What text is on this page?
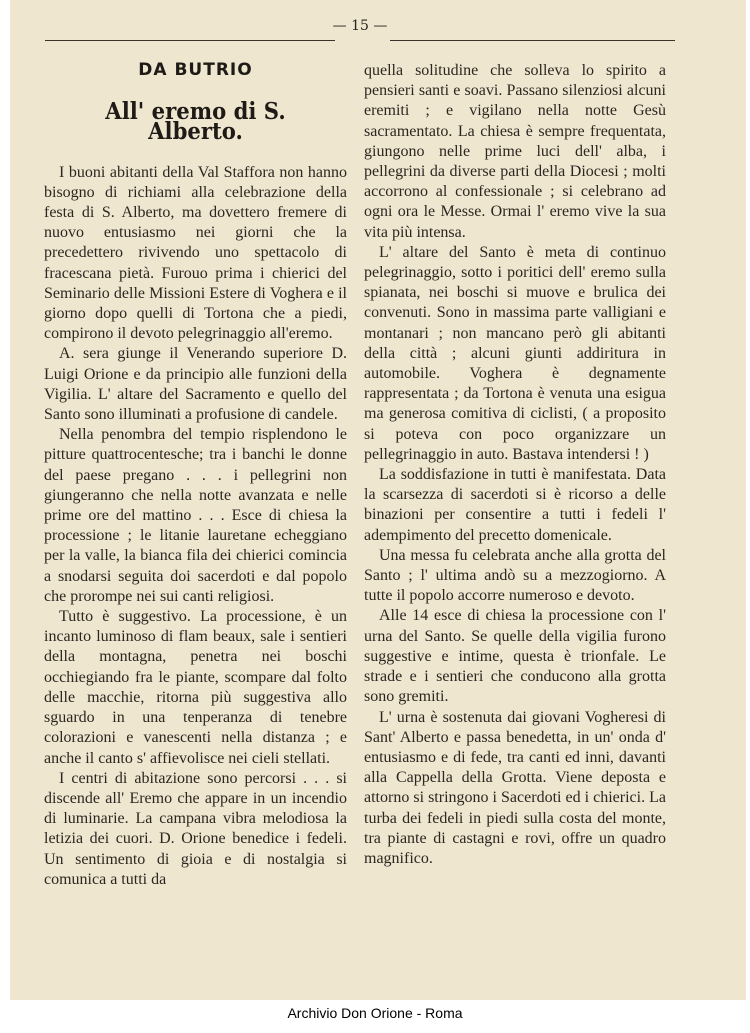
— 15 —
DA BUTRIO
All' eremo di S. Alberto.

I buoni abitanti della Val Staffora non hanno bisogno di richiami alla celebrazione della festa di S. Alberto, ma dovettero fremere di nuovo entusiasmo nei giorni che la precedettero rivivendo uno spettacolo di fracescana pietà. Furouo prima i chierici del Seminario delle Missioni Estere di Voghera e il giorno dopo quelli di Tortona che a piedi, compirono il devoto pelegrinaggio all'eremo.

A. sera giunge il Venerando superiore D. Luigi Orione e da principio alle funzioni della Vigilia. L' altare del Sacramento e quello del Santo sono illuminati a profusione di candele.

Nella penombra del tempio risplendono le pitture quattrocentesche; tra i banchi le donne del paese pregano . . . i pellegrini non giungeranno che nella notte avanzata e nelle prime ore del mattino . . . Esce di chiesa la processione ; le litanie lauretane echeggiano per la valle, la bianca fila dei chierici comincia a snodarsi seguita doi sacerdoti e dal popolo che prorompe nei sui canti religiosi.

Tutto è suggestivo. La processione, è un incanto luminoso di flam beaux, sale i sentieri della montagna, penetra nei boschi occhiegiando fra le piante, scompare dal folto delle macchie, ritorna più suggestiva allo sguardo in una tenperanza di tenebre colorazioni e vanescenti nella distanza ; e anche il canto s' affievolisce nei cieli stellati.

I centri di abitazione sono percorsi . . . si discende all' Eremo che appare in un incendio di luminarie. La campana vibra melodiosa la letizia dei cuori. D. Orione benedice i fedeli. Un sentimento di gioia e di nostalgia si comunica a tutti da

quella solitudine che solleva lo spirito a pensieri santi e soavi. Passano silenziosi alcuni eremiti ; e vigilano nella notte Gesù sacramentato. La chiesa è sempre frequentata, giungono nelle prime luci dell' alba, i pellegrini da diverse parti della Diocesi ; molti accorrono al confessionale ; si celebrano ad ogni ora le Messe. Ormai l' eremo vive la sua vita più intensa.

L' altare del Santo è meta di continuo pelegrinaggio, sotto i poritici dell' eremo sulla spianata, nei boschi si muove e brulica dei convenuti. Sono in massima parte valligiani e montanari ; non mancano però gli abitanti della città ; alcuni giunti addiritura in automobile. Voghera è degnamente rappresentata ; da Tortona è venuta una esigua ma generosa comitiva di ciclisti, ( a proposito si poteva con poco organizzare un pellegrinaggio in auto. Bastava intendersi ! )

La soddisfazione in tutti è manifestata. Data la scarsezza di sacerdoti si è ricorso a delle binazioni per consentire a tutti i fedeli l' adempimento del precetto domenicale.

Una messa fu celebrata anche alla grotta del Santo ; l' ultima andò su a mezzogiorno. A tutte il popolo accorre numeroso e devoto.

Alle 14 esce di chiesa la processione con l' urna del Santo. Se quelle della vigilia furono suggestive e intime, questa è trionfale. Le strade e i sentieri che conducono alla grotta sono gremiti.

L' urna è sostenuta dai giovani Vogheresi di Sant' Alberto e passa benedetta, in un' onda d' entusiasmo e di fede, tra canti ed inni, davanti alla Cappella della Grotta. Viene deposta e attorno si stringono i Sacerdoti ed i chierici. La turba dei fedeli in piedi sulla costa del monte, tra piante di castagni e rovi, offre un quadro magnifico.

Archivio Don Orione - Roma
